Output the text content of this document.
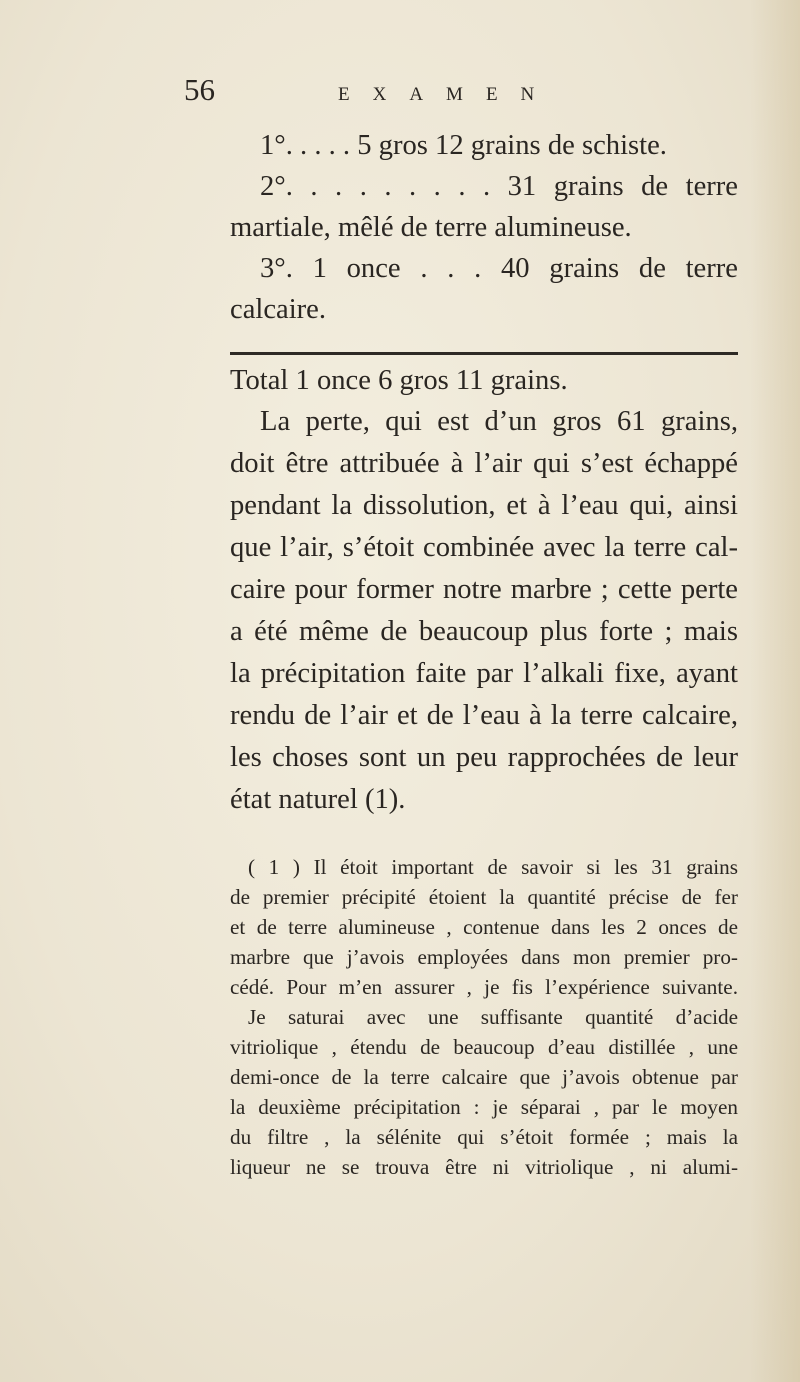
56	EXAMEN
1°. . . . . 5 gros 12 grains de schiste.
2°. . . . . . . . . 31 grains de terre
martiale, mêlé de terre alumineuse.
3°. 1 once . . . 40 grains de terre
calcaire.
Total 1 once 6 gros 11 grains.
La perte, qui est d’un gros 61 grains,
doit être attribuée à l’air qui s’est échappé
pendant la dissolution, et à l’eau qui, ainsi
que l’air, s’étoit combinée avec la terre cal-
caire pour former notre marbre ; cette perte
a été même de beaucoup plus forte ; mais
la précipitation faite par l’alkali fixe, ayant
rendu de l’air et de l’eau à la terre calcaire,
les choses sont un peu rapprochées de leur
état naturel (1).
( 1 ) Il étoit important de savoir si les 31 grains
de premier précipité étoient la quantité précise de fer
et de terre alumineuse , contenue dans les 2 onces de
marbre que j’avois employées dans mon premier pro-
cédé. Pour m’en assurer , je fis l’expérience suivante.
Je saturai avec une suffisante quantité d’acide
vitriolique , étendu de beaucoup d’eau distillée , une
demi-once de la terre calcaire que j’avois obtenue par
la deuxième précipitation : je séparai , par le moyen
du filtre , la sélénite qui s’étoit formée ; mais la
liqueur ne se trouva être ni vitriolique , ni alumi-
